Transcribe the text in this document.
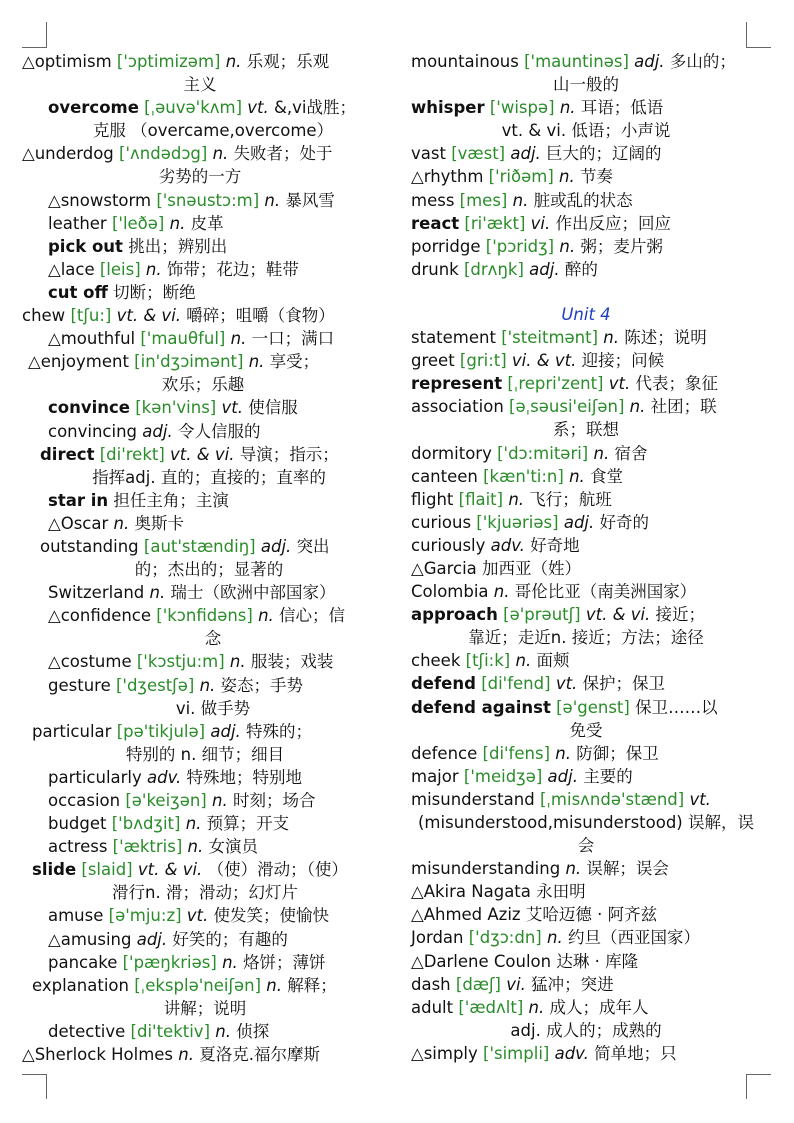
△optimism ['ɔptimizəm] n. 乐观；乐观
主义
overcome [ˌəuvə'kʌm] vt. &,vi战胜；
克服 （overcame,overcome）
△underdog ['ʌndədɔg] n. 失败者；处于
劣势的一方
△snowstorm ['snəustɔ:m] n. 暴风雪
leather ['leðə] n. 皮革
pick out 挑出；辨别出
△lace [leis] n. 饰带；花边；鞋带
cut off 切断；断绝
chew [tʃu:] vt. & vi. 嚼碎；咀嚼（食物）
△mouthful ['mauθful] n. 一口；满口
△enjoyment [in'dʒɔimənt] n. 享受；
欢乐；乐趣
convince [kən'vins] vt. 使信服
convincing adj. 令人信服的
direct [di'rekt] vt. & vi. 导演；指示；
指挥adj. 直的；直接的；直率的
star in 担任主角；主演
△Oscar n. 奥斯卡
outstanding [aut'stændiŋ] adj. 突出
的；杰出的；显著的
Switzerland n. 瑞士（欧洲中部国家）
△confidence ['kɔnfidəns] n. 信心；信
念
△costume ['kɔstju:m] n. 服装；戏装
gesture ['dʒestʃə] n. 姿态；手势
vi. 做手势
particular [pə'tikjulə] adj. 特殊的；
特别的 n. 细节；细目
particularly adv. 特殊地；特别地
occasion [ə'keiʒən] n. 时刻；场合
budget ['bʌdʒit] n. 预算；开支
actress ['æktris] n. 女演员
slide [slaid] vt. & vi. （使）滑动；（使）
滑行n. 滑；滑动；幻灯片
amuse [ə'mju:z] vt. 使发笑；使愉快
△amusing adj. 好笑的；有趣的
pancake ['pæŋkriəs] n. 烙饼；薄饼
explanation [ˌeksplə'neiʃən] n. 解释；
讲解；说明
detective [di'tektiv] n. 侦探
△Sherlock Holmes n. 夏洛克.福尔摩斯
mountainous ['mauntinəs] adj. 多山的；
山一般的
whisper ['wispə] n. 耳语；低语
vt. & vi. 低语；小声说
vast [væst] adj. 巨大的；辽阔的
△rhythm ['riðəm] n. 节奏
mess [mes] n. 脏或乱的状态
react [ri'ækt] vi. 作出反应；回应
porridge ['pɔridʒ] n. 粥；麦片粥
drunk [drʌŋk] adj. 醉的
Unit 4
statement ['steitmənt] n. 陈述；说明
greet [gri:t] vi. & vt. 迎接；问候
represent [ˌrepri'zent] vt. 代表；象征
association [əˌsəusi'eiʃən] n. 社团；联
系；联想
dormitory ['dɔ:mitəri] n. 宿舍
canteen [kæn'ti:n] n. 食堂
flight [flait] n. 飞行；航班
curious ['kjuəriəs] adj. 好奇的
curiously adv. 好奇地
△Garcia 加西亚（姓）
Colombia n. 哥伦比亚（南美洲国家）
approach [ə'prəutʃ] vt. & vi. 接近；
靠近；走近n. 接近；方法；途径
cheek [tʃi:k] n. 面颊
defend [di'fend] vt. 保护；保卫
defend against [ə'genst] 保卫……以
免受
defence [di'fens] n. 防御；保卫
major ['meidʒə] adj. 主要的
misunderstand [ˌmisʌndə'stænd] vt.
(misunderstood,misunderstood) 误解，误会
misunderstanding n. 误解；误会
△Akira Nagata 永田明
△Ahmed Aziz 艾哈迈德 · 阿齐兹
Jordan ['dʒɔ:dn] n. 约旦（西亚国家）
△Darlene Coulon 达琳 · 库隆
dash [dæʃ] vi. 猛冲；突进
adult ['ædʌlt] n. 成人；成年人
adj. 成人的；成熟的
△simply ['simpli] adv. 简单地；只
